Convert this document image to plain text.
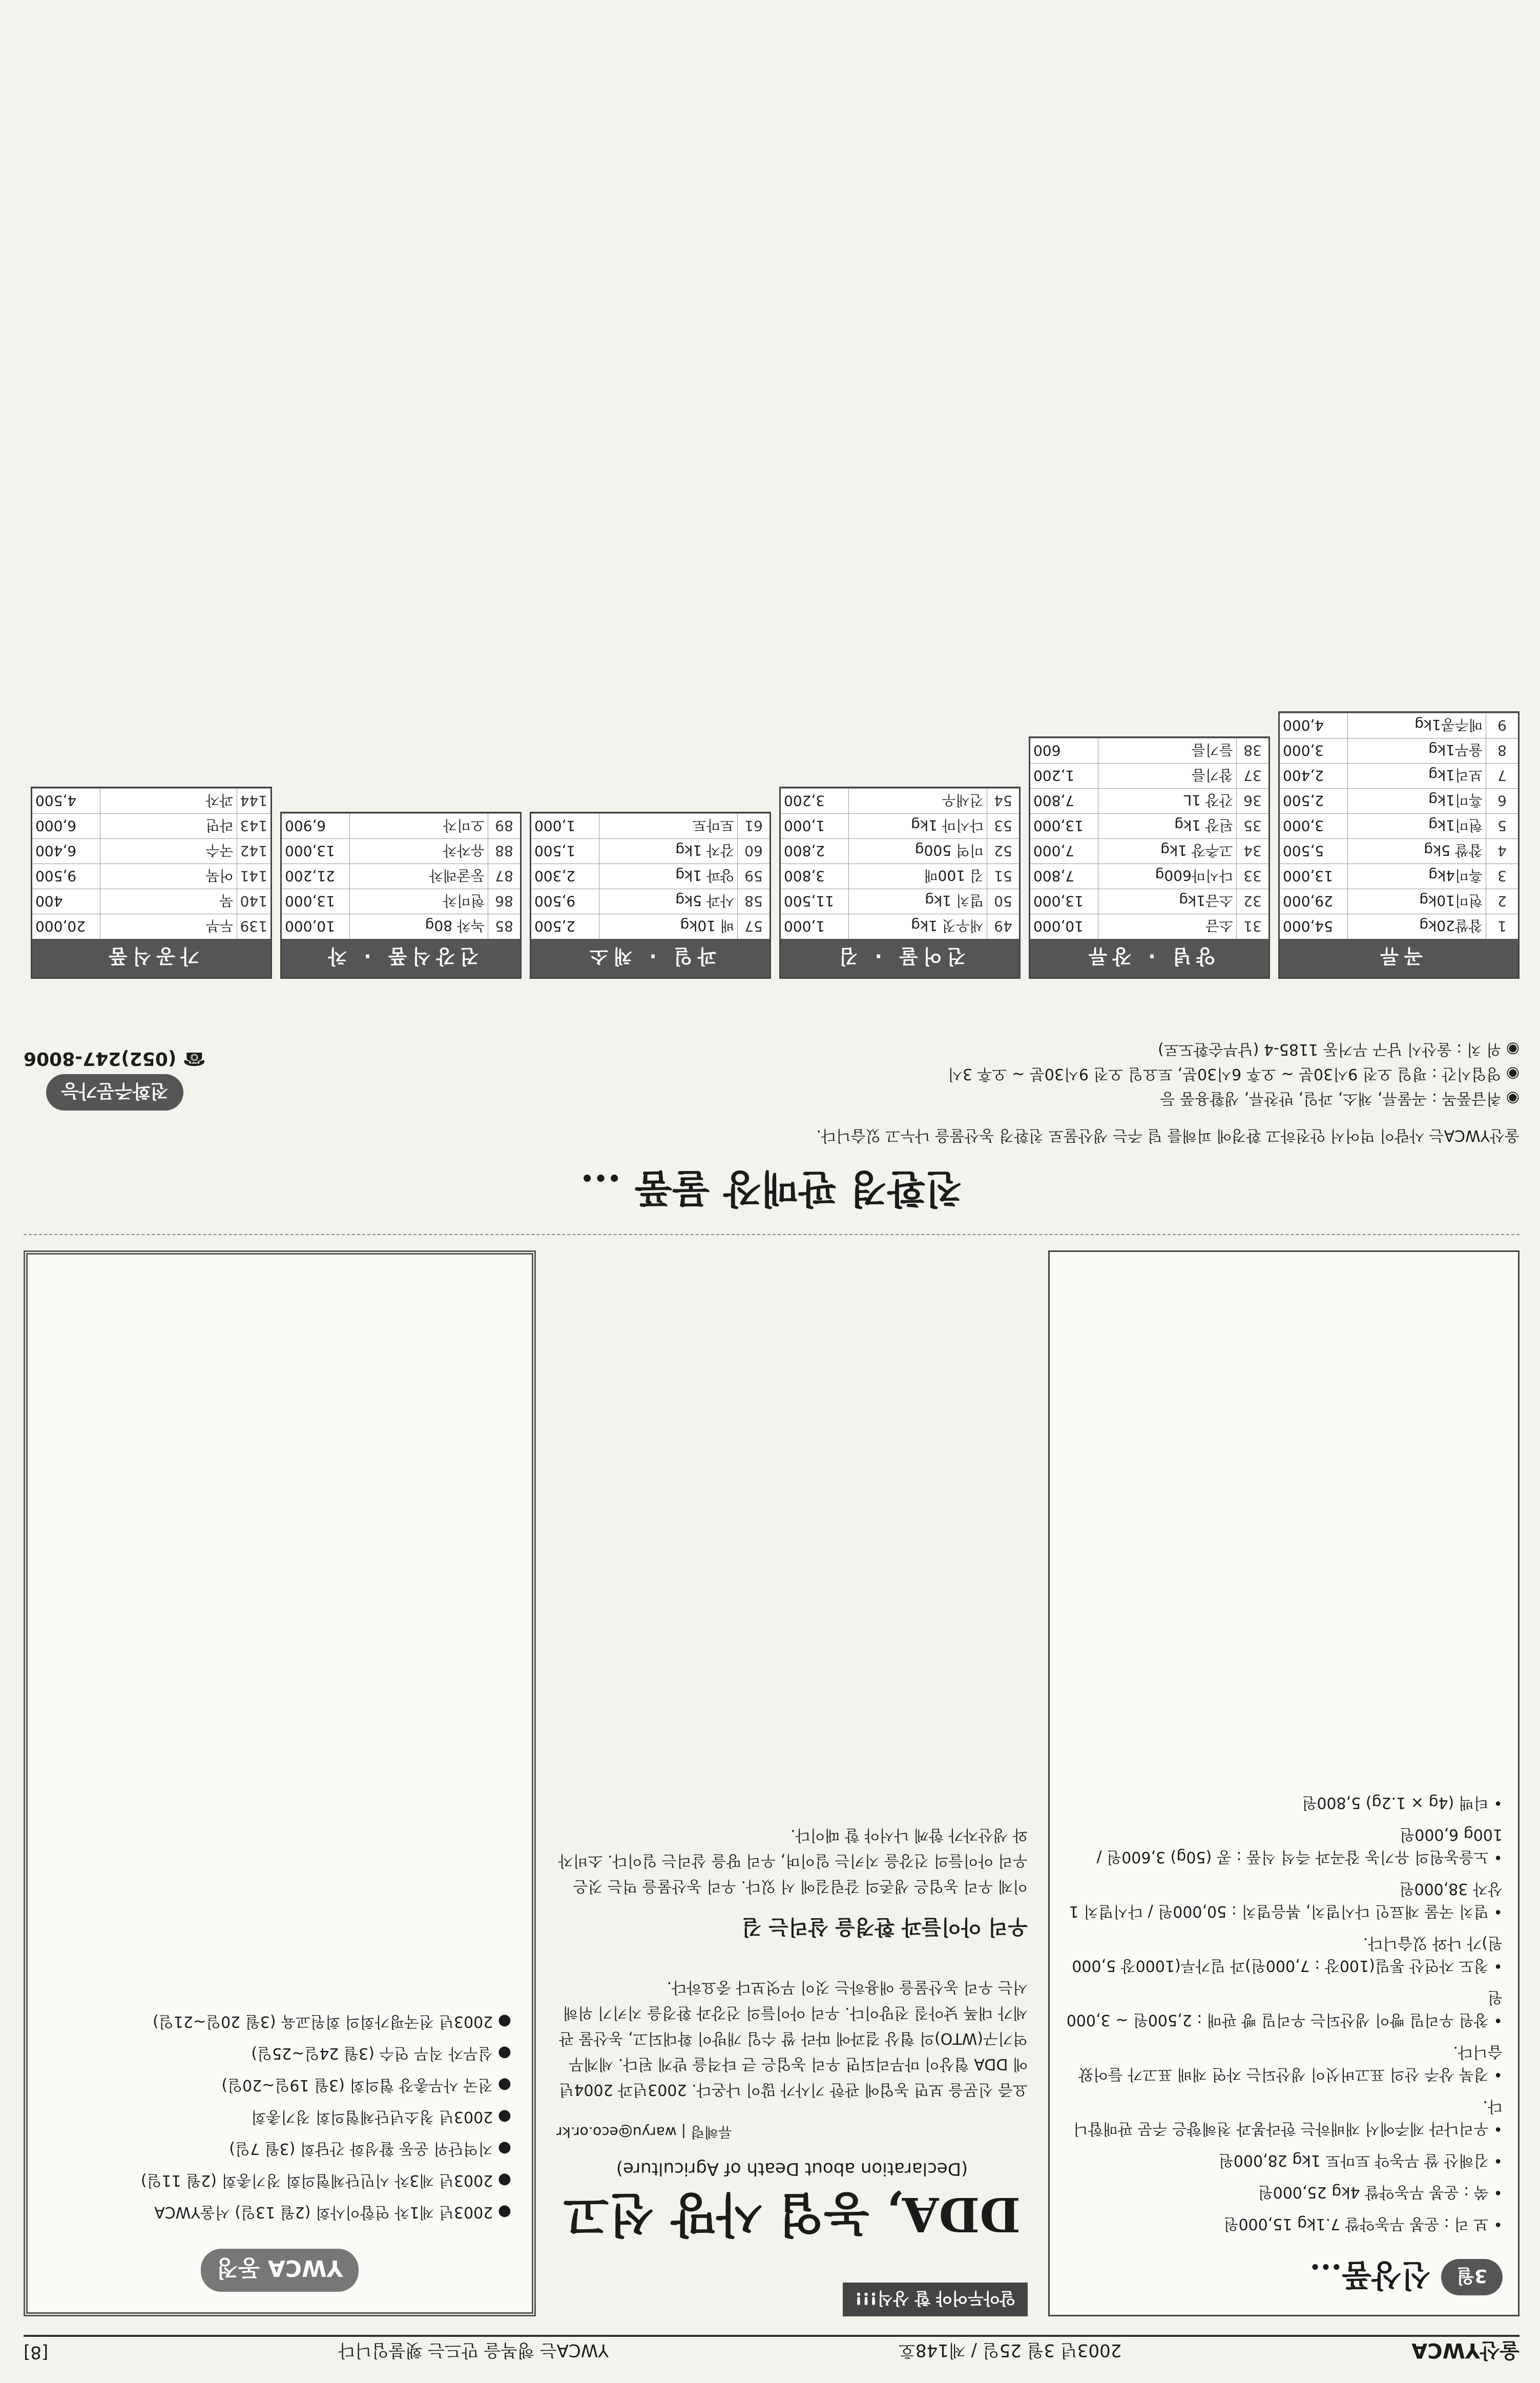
울산YWCA
2003년 3월 25일 / 제148호
YWCA는 행복을 만드는 횃불입니다
[8]
3월
신상품...
• 보 리 : 운봉 무농약쌀 7.1kg 15,000원
• 쑥 : 운봉 무농약쌀 4kg 25,000원
• 김해산 쌀 무농약 토마토 1kg 28,000원
• 우리나라 제주에서 재배하는 한라봉과 천혜향은 주문 판매합니다.
• 경북 상주 산의 표고버섯이 생산되는 자연 재배 표고가 들어왔습니다.
• 창원 우리밀 빵이 생산되는 우리밀 빵 판매 : 2,500원 ~ 3,000원
• 청도 자연산 통밀(100장 : 7,000원)과 밀가루(1000장 5,000원)가 나와 있습니다.
• 멸치 국물 재료인 다시멸치, 볶음멸치 : 50,000원 / 다시멸치 1상자 38,000원
• 노을농원의 유기농 잡곡과 즉석 식품 : 콩 (50g) 3,600원 / 100g 6,000원
• 티백 (4g × 1.2g) 5,800원
알아두어야 할 상식!!!
DDA, 농업 사망 선고
(Declaration about Death of Agriculture)
류혜령 | waryu@eco.or.kr

요즘 신문을 보면 농업에 관한 기사가 많이 나온다. 2003년과 2004년에 DDA 협상이 마무리되면 우리 농업은 큰 타격을 받게 된다. 세계무역기구(WTO)의 협상 결과에 따라 쌀 수입 개방이 확대되고, 농산물 관세가 대폭 낮아질 전망이다. 우리 아이들의 건강과 환경을 지키기 위해서는 우리 농산물을 애용하는 것이 무엇보다 중요하다.

우리 아이들과 환경을 살리는 길

이제 우리 농업은 생존의 갈림길에 서 있다. 우리 농산물을 먹는 것은 우리 아이들의 건강을 지키는 일이며, 우리 땅을 살리는 일이다. 소비자와 생산자가 함께 나서야 할 때이다.

YWCA 동정
● 2003년 제1차 연합이사회 (2월 13일) 서울YWCA
● 2003년 제3차 시민단체협의회 정기총회 (2월 11일)
● 지역단위 운동 활성화 간담회 (3월 7일)
● 2003년 청소년단체협의회 정기총회
● 전국 사무총장 협의회 (3월 19일~20일)
● 실무자 직무 연수 (3월 24일~25일)
● 2003년 전국평가회의 회원교육 (3월 20일~21일)
친환경 판매장 물품 ...
울산YWCA는 사람이 먹어서 안전하고 환경에 피해를 덜 주는 생산물로 친환경 농산물을 나누고 있습니다.
◉ 취급품목 : 곡물류, 채소, 과일, 반찬류, 생활용품 등
◉ 영업시간 : 평일 오전 9시30분 ~ 오후 6시30분, 토요일 오전 9시30분 ~ 오후 3시
◉ 위 치 : 울산시 남구 무거동 1185-4 (남부순환도로)
전화주문가능
☎ (052)247-8006
곡류
1	찹쌀20kg	54,000
2	현미10kg	29,000
3	흑미4kg	13,000
4	찹쌀 5kg	5,500
5	현미1kg	3,000
6	흑미1kg	2,500
7	보리1kg	2,400
8	율무1kg	3,000
9	메주콩1kg	4,000
양념 · 장류
31	소금	10,000
32	소금1kg	13,000
33	다시마600g	7,800
34	고추장 1kg	7,000
35	된장 1kg	13,000
36	간장 1L	7,800
37	참기름	1,200
38	들기름	600
건어물 · 김
49	새우젓 1kg	1,000
50	멸치 1kg	11,500
51	김 100매	3,800
52	미역 500g	2,800
53	다시마 1kg	1,000
54	건새우	3,200
과일 · 채소
57	배 10kg	2,500
58	사과 5kg	9,500
59	양파 1kg	2,300
60	감자 1kg	1,500
61	토마토	1,000
건강식품 · 차
85	녹차 80g	10,000
86	현미차	13,000
87	둥굴레차	21,200
88	유자차	13,000
89	오미자	6,900
가공식품
139	두부	20,000
140	묵	400
141	어묵	9,500
142	국수	6,400
143	라면	6,000
144	과자	4,500
